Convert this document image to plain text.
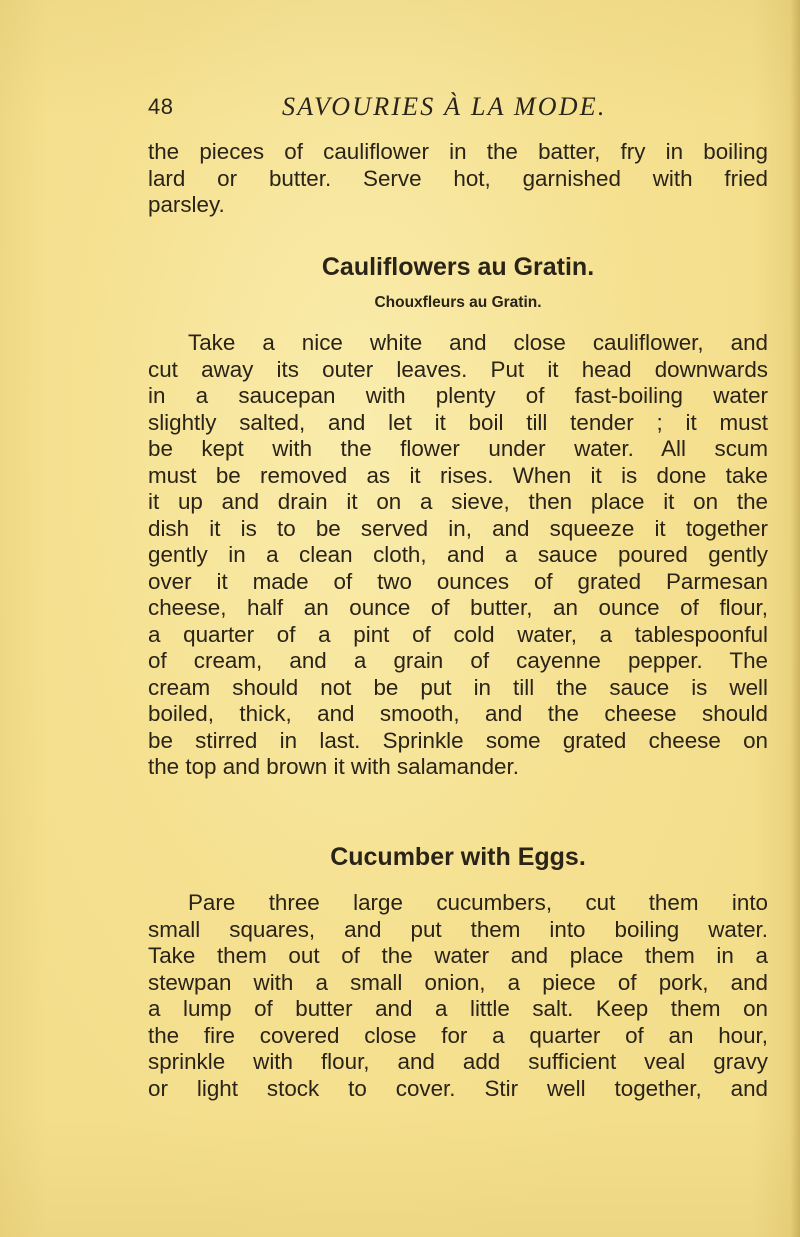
48	SAVOURIES À LA MODE.
the pieces of cauliflower in the batter, fry in boiling
lard or butter. Serve hot, garnished with fried
parsley.
Cauliflowers au Gratin.
Chouxfleurs au Gratin.
Take a nice white and close cauliflower, and
cut away its outer leaves. Put it head downwards
in a saucepan with plenty of fast-boiling water
slightly salted, and let it boil till tender ; it must
be kept with the flower under water. All scum
must be removed as it rises. When it is done take
it up and drain it on a sieve, then place it on the
dish it is to be served in, and squeeze it together
gently in a clean cloth, and a sauce poured gently
over it made of two ounces of grated Parmesan
cheese, half an ounce of butter, an ounce of flour,
a quarter of a pint of cold water, a tablespoonful
of cream, and a grain of cayenne pepper. The
cream should not be put in till the sauce is well
boiled, thick, and smooth, and the cheese should
be stirred in last. Sprinkle some grated cheese on
the top and brown it with salamander.
Cucumber with Eggs.
Pare three large cucumbers, cut them into
small squares, and put them into boiling water.
Take them out of the water and place them in a
stewpan with a small onion, a piece of pork, and
a lump of butter and a little salt. Keep them on
the fire covered close for a quarter of an hour,
sprinkle with flour, and add sufficient veal gravy
or light stock to cover. Stir well together, and
